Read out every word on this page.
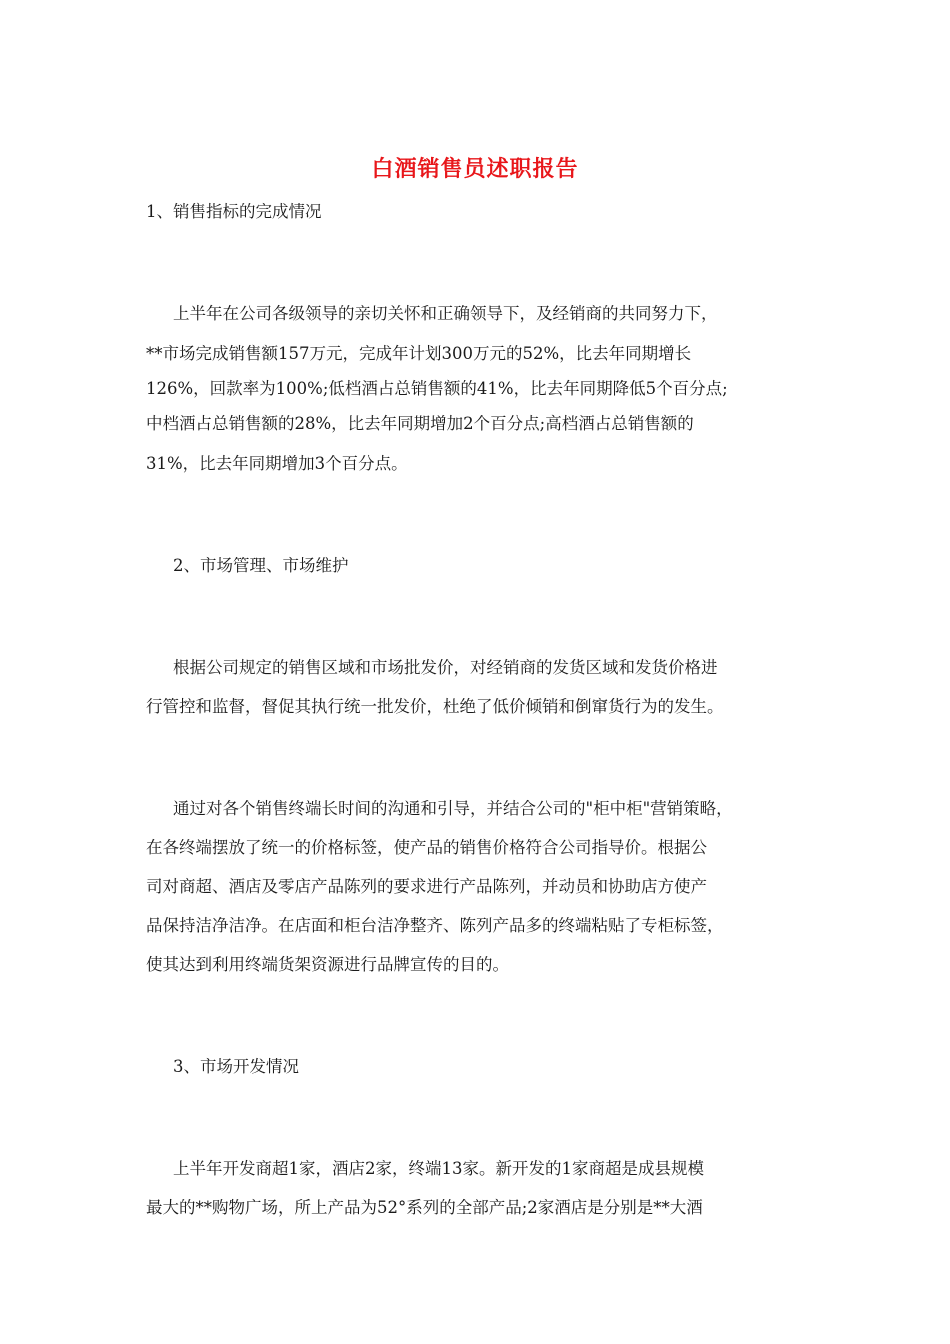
白酒销售员述职报告
1、销售指标的完成情况
上半年在公司各级领导的亲切关怀和正确领导下，及经销商的共同努力下，
**市场完成销售额157万元，完成年计划300万元的52%，比去年同期增长
126%，回款率为100%;低档酒占总销售额的41%，比去年同期降低5个百分点;
中档酒占总销售额的28%，比去年同期增加2个百分点;高档酒占总销售额的
31%，比去年同期增加3个百分点。
2、市场管理、市场维护
根据公司规定的销售区域和市场批发价，对经销商的发货区域和发货价格进
行管控和监督，督促其执行统一批发价，杜绝了低价倾销和倒窜货行为的发生。
通过对各个销售终端长时间的沟通和引导，并结合公司的"柜中柜"营销策略，
在各终端摆放了统一的价格标签，使产品的销售价格符合公司指导价。根据公
司对商超、酒店及零店产品陈列的要求进行产品陈列，并动员和协助店方使产
品保持洁净洁净。在店面和柜台洁净整齐、陈列产品多的终端粘贴了专柜标签，
使其达到利用终端货架资源进行品牌宣传的目的。
3、市场开发情况
上半年开发商超1家，酒店2家，终端13家。新开发的1家商超是成县规模
最大的**购物广场，所上产品为52°系列的全部产品;2家酒店是分别是**大酒
